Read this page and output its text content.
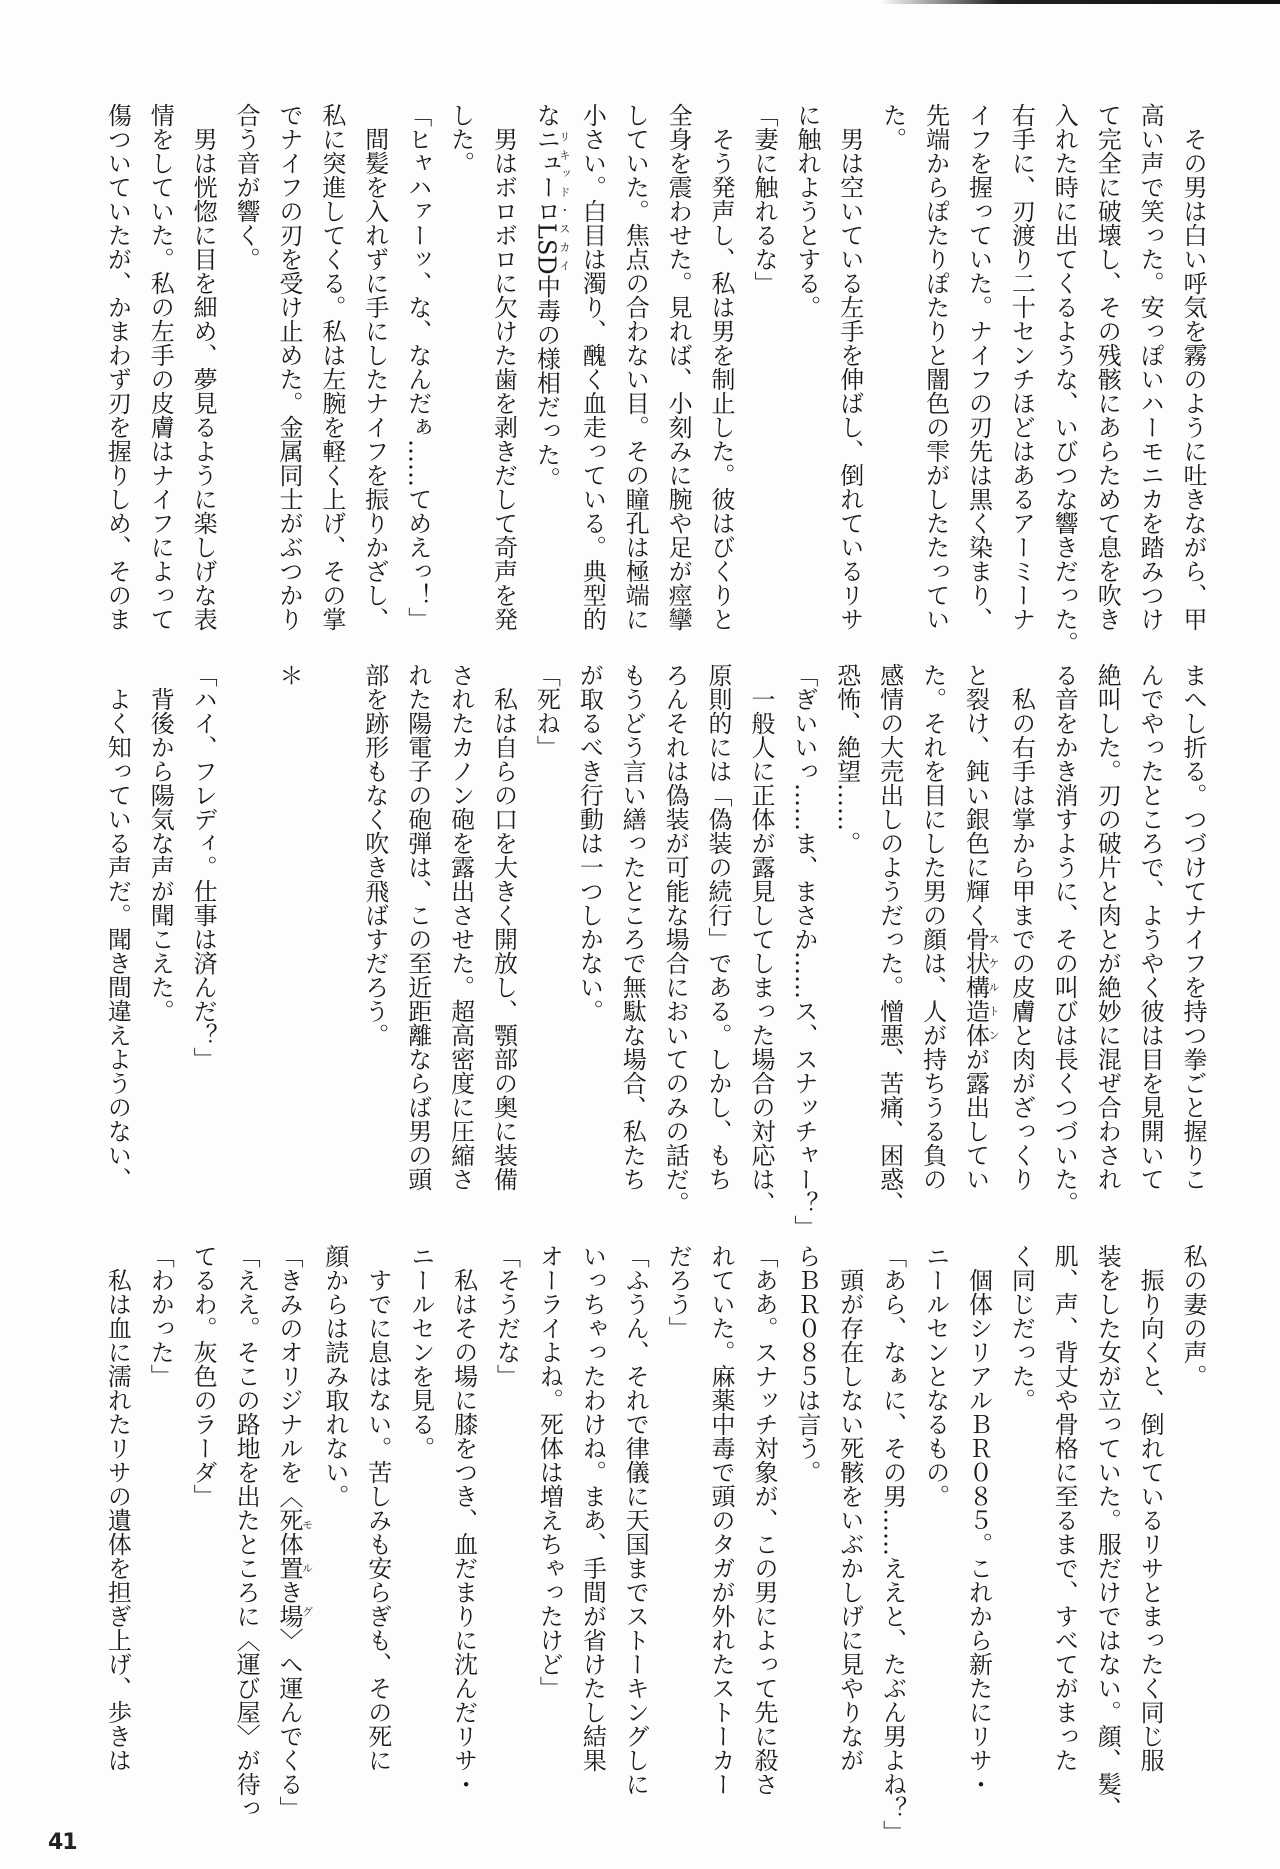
　その男は白い呼気を霧のように吐きながら、甲
高い声で笑った。安っぽいハーモニカを踏みつけ
て完全に破壊し、その残骸にあらためて息を吹き
入れた時に出てくるような、いびつな響きだった。
右手に、刃渡り二十センチほどはあるアーミーナ
イフを握っていた。ナイフの刃先は黒く染まり、
先端からぽたりぽたりと闇色の雫がしたたってい
た。
　男は空いている左手を伸ばし、倒れているリサ
に触れようとする。
「妻に触れるな」
　そう発声し、私は男を制止した。彼はびくりと
全身を震わせた。見れば、小刻みに腕や足が痙攣
していた。焦点の合わない目。その瞳孔は極端に
小さい。白目は濁り、醜く血走っている。典型的
なニューロLSDリキッド・スカイ中毒の様相だった。
　男はボロボロに欠けた歯を剥きだして奇声を発
した。
「ヒャハァーッ、な、なんだぁ……てめえっ！」
　間髪を入れずに手にしたナイフを振りかざし、
私に突進してくる。私は左腕を軽く上げ、その掌
でナイフの刃を受け止めた。金属同士がぶつかり
合う音が響く。
　男は恍惚に目を細め、夢見るように楽しげな表
情をしていた。私の左手の皮膚はナイフによって
傷ついていたが、かまわず刃を握りしめ、そのま
まへし折る。つづけてナイフを持つ拳ごと握りこ
んでやったところで、ようやく彼は目を見開いて
絶叫した。刃の破片と肉とが絶妙に混ぜ合わされ
る音をかき消すように、その叫びは長くつづいた。
　私の右手は掌から甲までの皮膚と肉がざっくり
と裂け、鈍い銀色に輝く骨状構造体スケルトンが露出してい
た。それを目にした男の顔は、人が持ちうる負の
感情の大売出しのようだった。憎悪、苦痛、困惑、
恐怖、絶望……。
「ぎいいっ……ま、まさか……ス、スナッチャー？」
　一般人に正体が露見してしまった場合の対応は、
原則的には「偽装の続行」である。しかし、もち
ろんそれは偽装が可能な場合においてのみの話だ。
もうどう言い繕ったところで無駄な場合、私たち
が取るべき行動は一つしかない。
「死ね」
　私は自らの口を大きく開放し、顎部の奥に装備
されたカノン砲を露出させた。超高密度に圧縮さ
れた陽電子の砲弾は、この至近距離ならば男の頭
部を跡形もなく吹き飛ばすだろう。
＊
「ハイ、フレディ。仕事は済んだ？」
　背後から陽気な声が聞こえた。
　よく知っている声だ。聞き間違えようのない、
私の妻の声。
　振り向くと、倒れているリサとまったく同じ服
装をした女が立っていた。服だけではない。顔、髪、
肌、声、背丈や骨格に至るまで、すべてがまった
く同じだった。
　個体シリアルＢＲ０８５。これから新たにリサ・
ニールセンとなるもの。
「あら、なぁに、その男……ええと、たぶん男よね？」
　頭が存在しない死骸をいぶかしげに見やりなが
らＢＲ０８５は言う。
「ああ。スナッチ対象が、この男によって先に殺さ
れていた。麻薬中毒で頭のタガが外れたストーカー
だろう」
「ふうん、それで律儀に天国までストーキングしに
いっちゃったわけね。まあ、手間が省けたし結果
オーライよね。死体は増えちゃったけど」
「そうだな」
　私はその場に膝をつき、血だまりに沈んだリサ・
ニールセンを見る。
　すでに息はない。苦しみも安らぎも、その死に
顔からは読み取れない。
「きみのオリジナルを〈死体置き場モルグ〉へ運んでくる」
「ええ。そこの路地を出たところに〈運び屋〉が待っ
てるわ。灰色のラーダ」
「わかった」
　私は血に濡れたリサの遺体を担ぎ上げ、歩きは
41
